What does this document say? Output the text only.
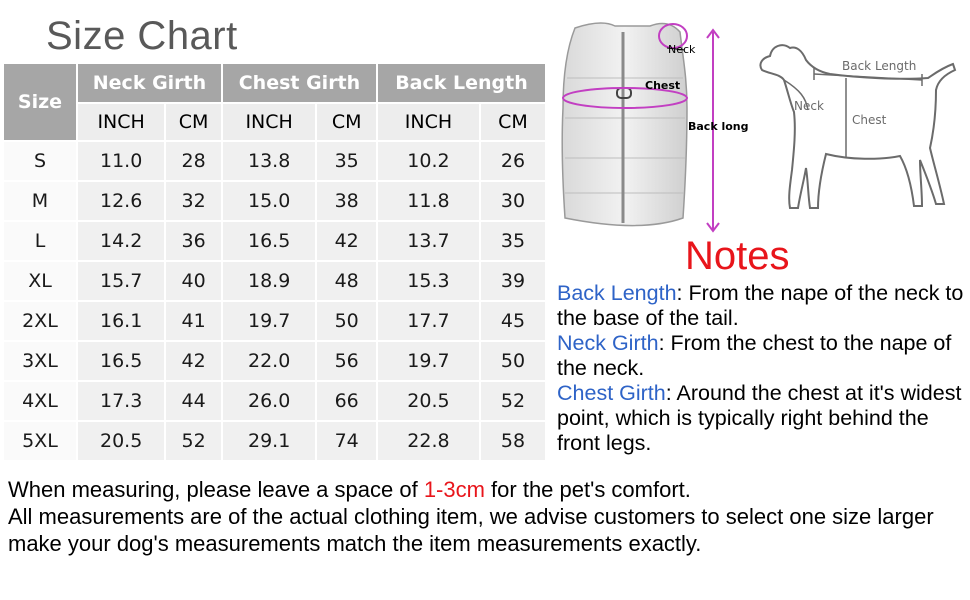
Size Chart
Size	Neck Girth		Chest Girth		Back Length	
	INCH	CM	INCH	CM	INCH	CM
S	11.0	28	13.8	35	10.2	26
M	12.6	32	15.0	38	11.8	30
L	14.2	36	16.5	42	13.7	35
XL	15.7	40	18.9	48	15.3	39
2XL	16.1	41	19.7	50	17.7	45
3XL	16.5	42	22.0	56	19.7	50
4XL	17.3	44	26.0	66	20.5	52
5XL	20.5	52	29.1	74	22.8	58
Neck
Chest
Back long
Back Length
Neck
Chest
Notes

Back Length: From the nape of the neck to the base of the tail.

Neck Girth: From the chest to the nape of the neck.

Chest Girth: Around the chest at it's widest point, which is typically right behind the front legs.

When measuring, please leave a space of 1-3cm for the pet's comfort.

All measurements are of the actual clothing item, we advise customers to select one size larger make your dog's measurements match the item measurements exactly.
